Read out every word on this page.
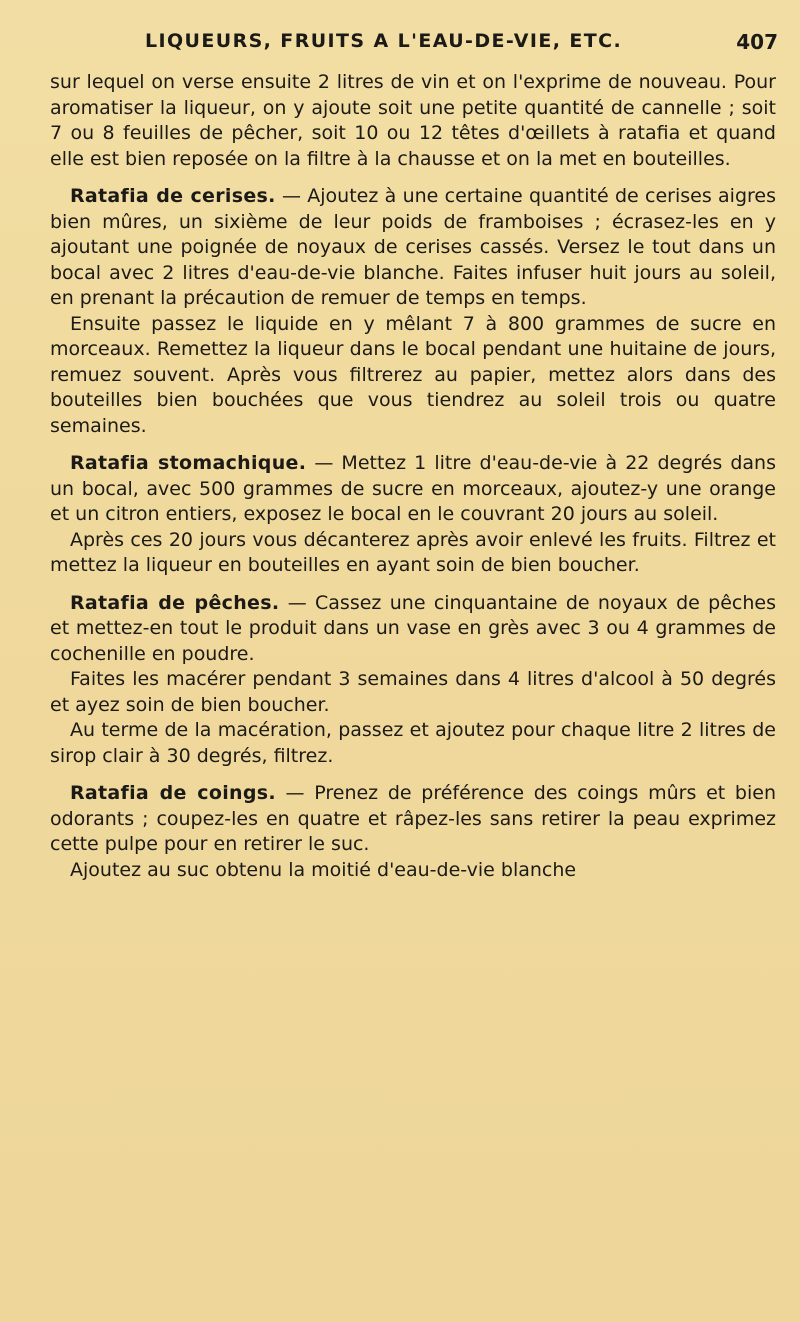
LIQUEURS, FRUITS A L'EAU-DE-VIE, ETC.	407

sur lequel on verse ensuite 2 litres de vin et on l'exprime de nouveau. Pour aromatiser la liqueur, on y ajoute soit une petite quantité de cannelle ; soit 7 ou 8 feuilles de pêcher, soit 10 ou 12 têtes d'œillets à ratafia et quand elle est bien reposée on la filtre à la chausse et on la met en bouteilles.

Ratafia de cerises. — Ajoutez à une certaine quantité de cerises aigres bien mûres, un sixième de leur poids de framboises ; écrasez-les en y ajoutant une poignée de noyaux de cerises cassés. Versez le tout dans un bocal avec 2 litres d'eau-de-vie blanche. Faites infuser huit jours au soleil, en prenant la précaution de remuer de temps en temps.

Ensuite passez le liquide en y mêlant 7 à 800 grammes de sucre en morceaux. Remettez la liqueur dans le bocal pendant une huitaine de jours, remuez souvent. Après vous filtrerez au papier, mettez alors dans des bouteilles bien bouchées que vous tiendrez au soleil trois ou quatre semaines.

Ratafia stomachique. — Mettez 1 litre d'eau-de-vie à 22 degrés dans un bocal, avec 500 grammes de sucre en morceaux, ajoutez-y une orange et un citron entiers, exposez le bocal en le couvrant 20 jours au soleil.

Après ces 20 jours vous décanterez après avoir enlevé les fruits. Filtrez et mettez la liqueur en bouteilles en ayant soin de bien boucher.

Ratafia de pêches. — Cassez une cinquantaine de noyaux de pêches et mettez-en tout le produit dans un vase en grès avec 3 ou 4 grammes de cochenille en poudre.

Faites les macérer pendant 3 semaines dans 4 litres d'alcool à 50 degrés et ayez soin de bien boucher.

Au terme de la macération, passez et ajoutez pour chaque litre 2 litres de sirop clair à 30 degrés, filtrez.

Ratafia de coings. — Prenez de préférence des coings mûrs et bien odorants ; coupez-les en quatre et râpez-les sans retirer la peau exprimez cette pulpe pour en retirer le suc.

Ajoutez au suc obtenu la moitié d'eau-de-vie blanche
